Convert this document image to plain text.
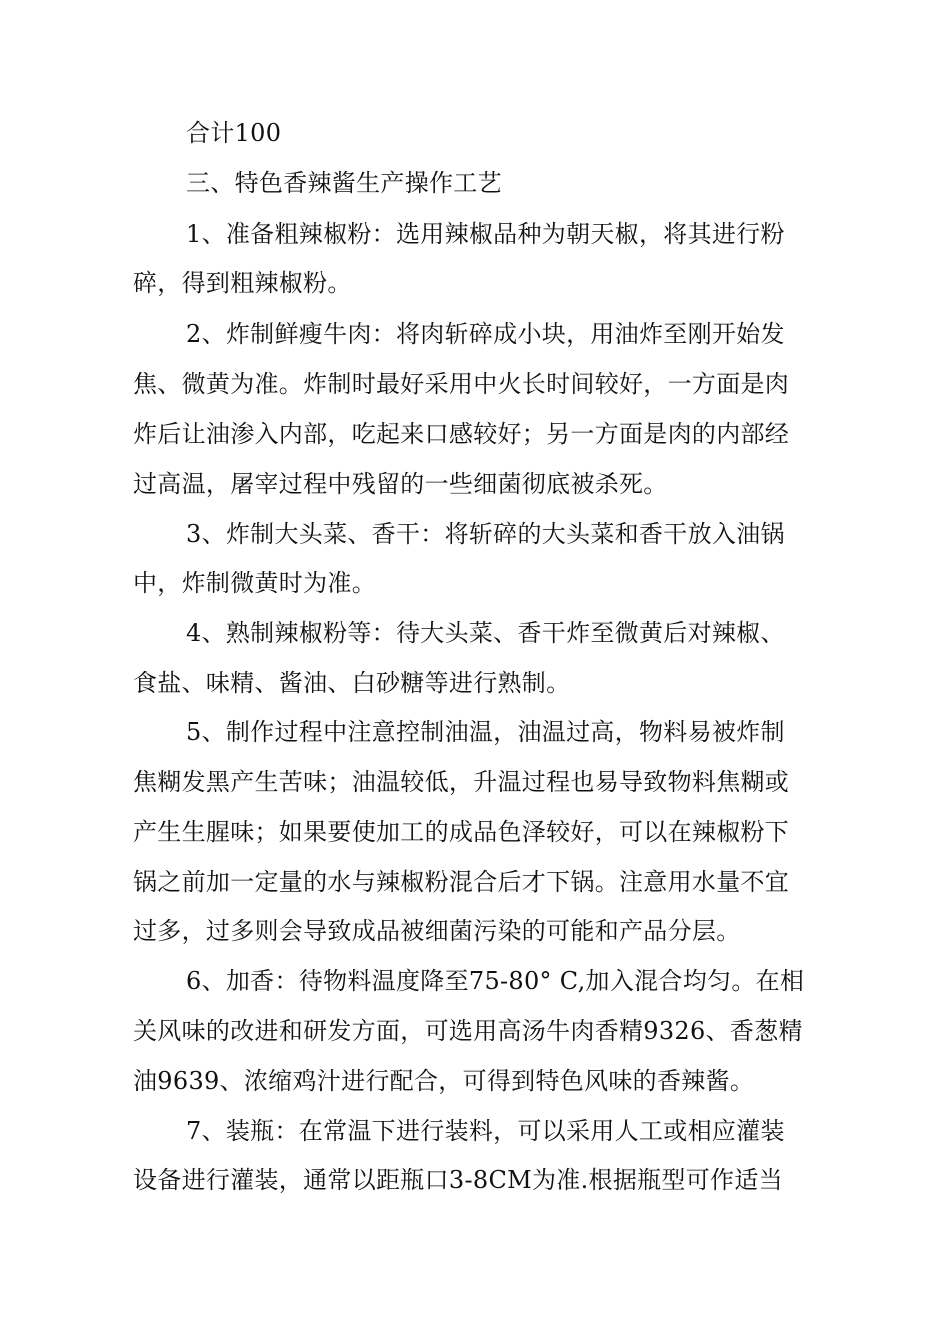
合计100
三、特色香辣酱生产操作工艺
1、准备粗辣椒粉：选用辣椒品种为朝天椒，将其进行粉
碎，得到粗辣椒粉。
2、炸制鲜瘦牛肉：将肉斩碎成小块，用油炸至刚开始发
焦、微黄为准。炸制时最好采用中火长时间较好，一方面是肉
炸后让油渗入内部，吃起来口感较好；另一方面是肉的内部经
过高温，屠宰过程中残留的一些细菌彻底被杀死。
3、炸制大头菜、香干：将斩碎的大头菜和香干放入油锅
中，炸制微黄时为准。
4、熟制辣椒粉等：待大头菜、香干炸至微黄后对辣椒、
食盐、味精、酱油、白砂糖等进行熟制。
5、制作过程中注意控制油温，油温过高，物料易被炸制
焦糊发黑产生苦味；油温较低，升温过程也易导致物料焦糊或
产生生腥味；如果要使加工的成品色泽较好，可以在辣椒粉下
锅之前加一定量的水与辣椒粉混合后才下锅。注意用水量不宜
过多，过多则会导致成品被细菌污染的可能和产品分层。
6、加香：待物料温度降至75-80° C,加入混合均匀。在相
关风味的改进和研发方面，可选用高汤牛肉香精9326、香葱精
油9639、浓缩鸡汁进行配合，可得到特色风味的香辣酱。
7、装瓶：在常温下进行装料，可以采用人工或相应灌装
设备进行灌装，通常以距瓶口3-8CM为准.根据瓶型可作适当
